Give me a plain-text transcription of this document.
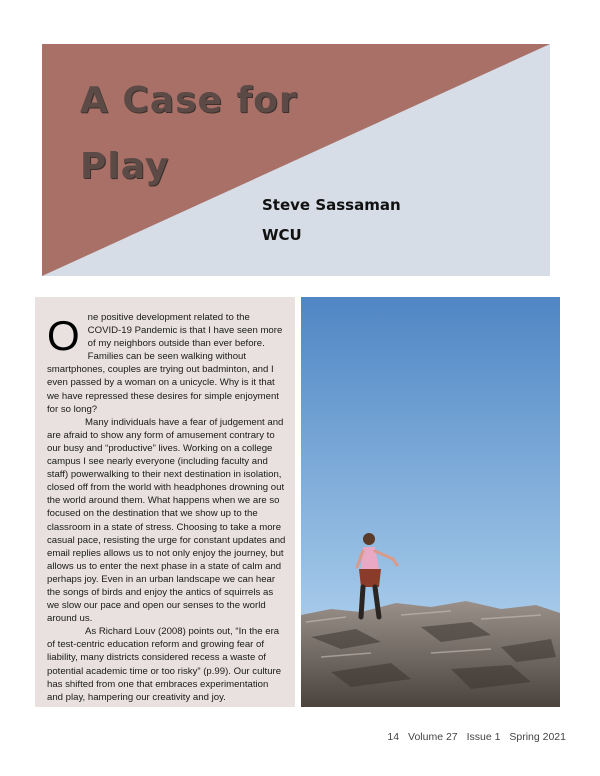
A Case for
Play
Steve Sassaman
WCU

One positive development related to the COVID-19 Pandemic is that I have seen more of my neighbors outside than ever before. Families can be seen walking without smartphones, couples are trying out badminton, and I even passed by a woman on a unicycle. Why is it that we have repressed these desires for simple enjoyment for so long?

Many individuals have a fear of judgement and are afraid to show any form of amusement contrary to our busy and “productive” lives. Working on a college campus I see nearly everyone (including faculty and staff) powerwalking to their next destination in isolation, closed off from the world with headphones drowning out the world around them. What happens when we are so focused on the destination that we show up to the classroom in a state of stress. Choosing to take a more casual pace, resisting the urge for constant updates and email replies allows us to not only enjoy the journey, but allows us to enter the next phase in a state of calm and perhaps joy. Even in an urban landscape we can hear the songs of birds and enjoy the antics of squirrels as we slow our pace and open our senses to the world around us.

As Richard Louv (2008) points out, “In the era of test-centric education reform and growing fear of liability, many districts considered recess a waste of potential academic time or too risky” (p.99). Our culture has shifted from one that embraces experimentation and play, hampering our creativity and joy.

14 Volume 27 Issue 1 Spring 2021
